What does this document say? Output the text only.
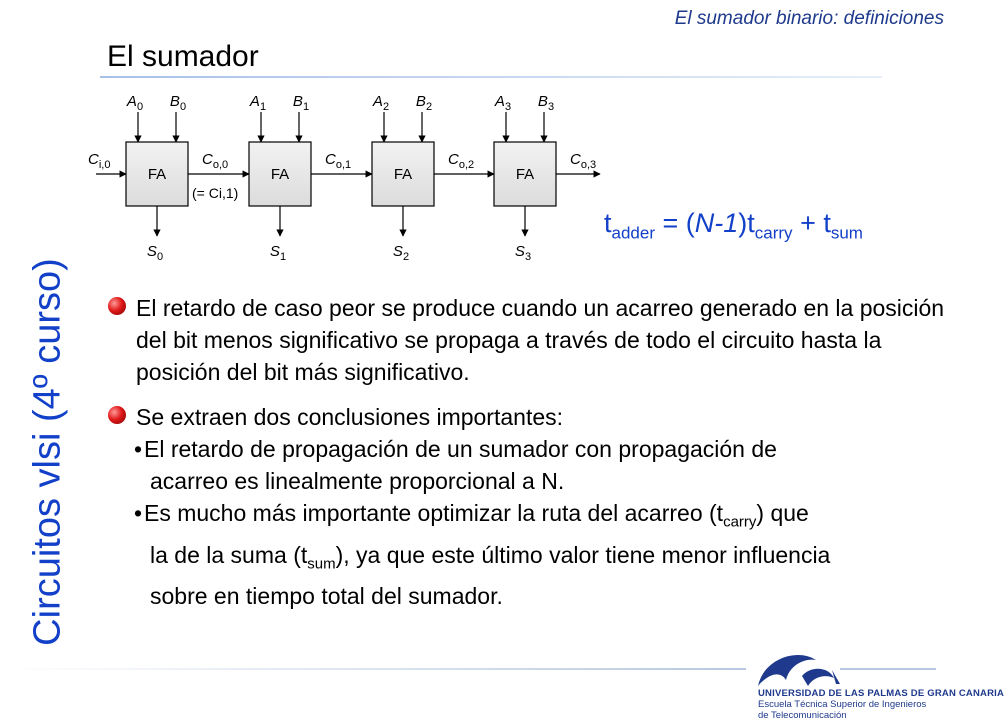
El sumador binario: definiciones
El sumador
Circuitos vlsi (4º curso)
FA
$A_0$ $B_0$
$S_0$
$C_{o,0}$
FA
$A_1$ $B_1$
$S_1$
$C_{o,1}$
FA
$A_2$ $B_2$
$S_2$
$C_{o,2}$
FA
$A_3$ $B_3$
$S_3$
$C_{o,3}$
$C_{i,0}$
(= Ci,1)
$t_{adder} = (N-1)t_{carry} + t_{sum}$
El retardo de caso peor se produce cuando un acarreo generado en la posición del bit menos significativo se propaga a través de todo el circuito hasta la posición del bit más significativo.
Se extraen dos conclusiones importantes:
•El retardo de propagación de un sumador con propagación de
acarreo es linealmente proporcional a N.
•Es mucho más importante optimizar la ruta del acarreo $(t_{carry})$ que
la de la suma $(t_{sum})$, ya que este último valor tiene menor influencia
sobre en tiempo total del sumador.
UNIVERSIDAD DE LAS PALMAS DE GRAN CANARIA
Escuela Técnica Superior de Ingenieros
de Telecomunicación
